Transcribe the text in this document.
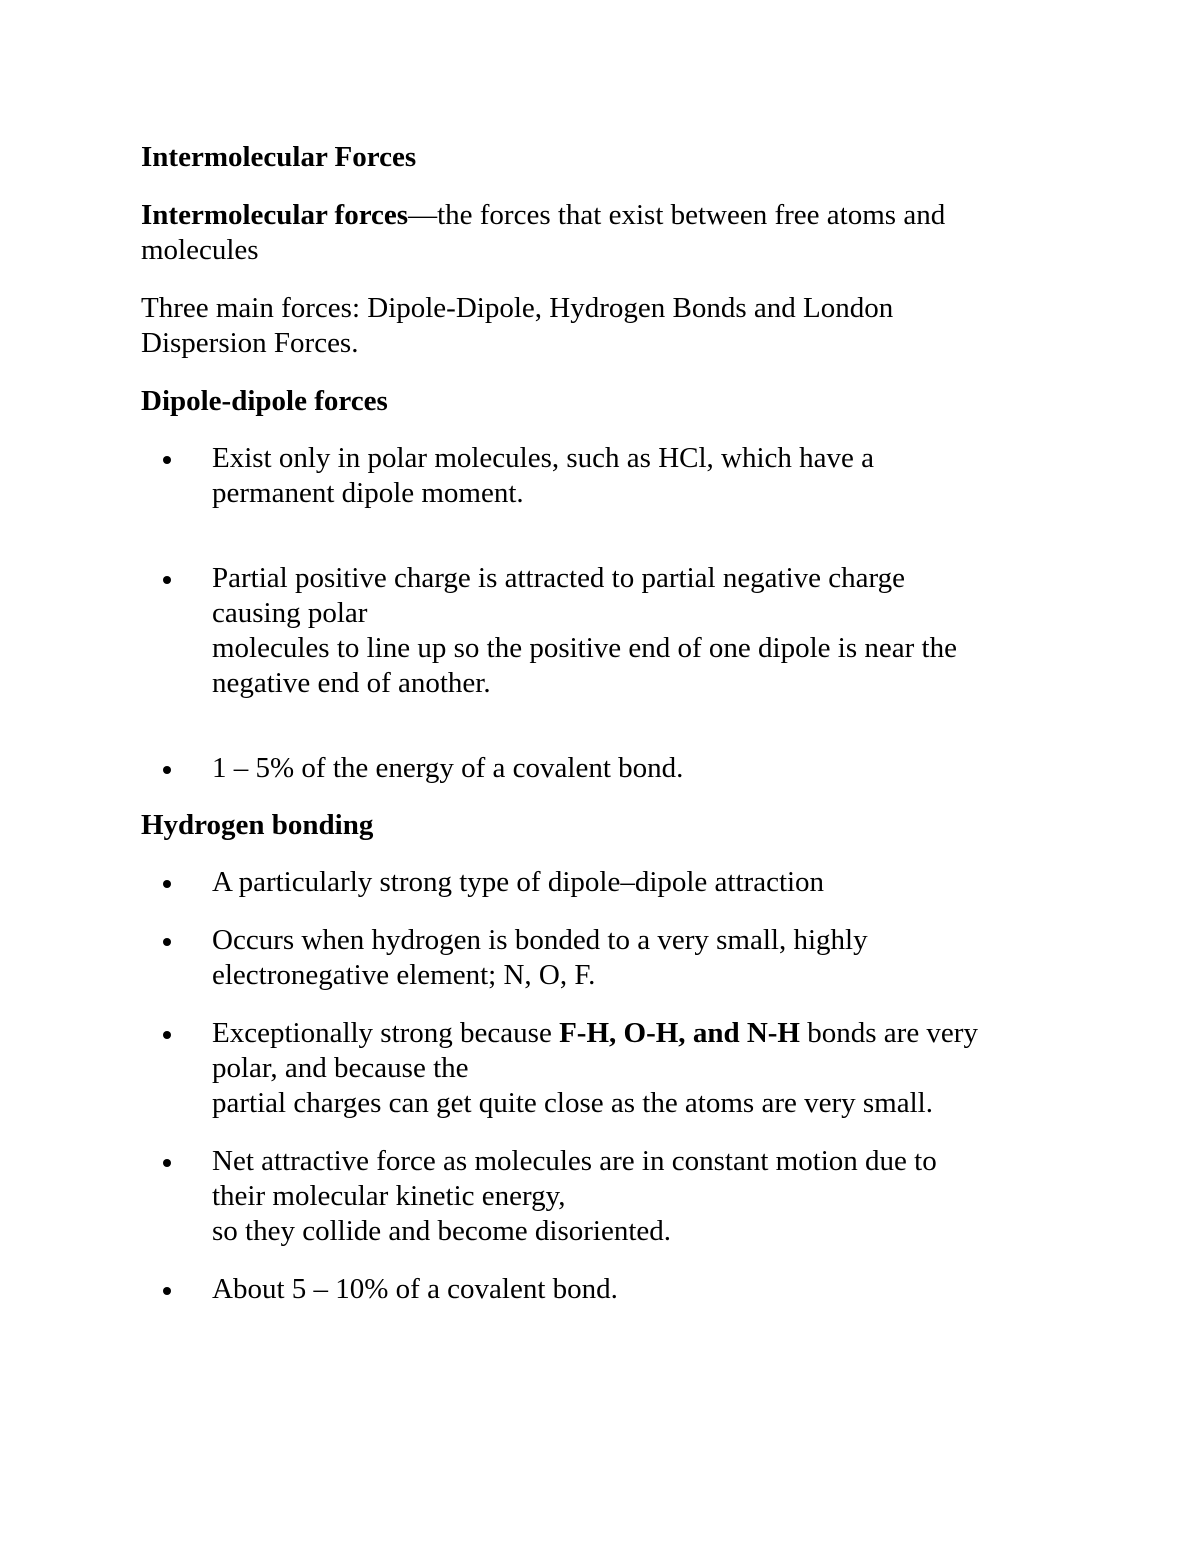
Intermolecular Forces

Intermolecular forces—the forces that exist between free atoms and molecules

Three main forces: Dipole-Dipole, Hydrogen Bonds and London
Dispersion Forces.

Dipole-dipole forces

Exist only in polar molecules, such as HCl, which have a
permanent dipole moment.
Partial positive charge is attracted to partial negative charge
causing polar
molecules to line up so the positive end of one dipole is near the
negative end of another.
1 – 5% of the energy of a covalent bond.

Hydrogen bonding

A particularly strong type of dipole–dipole attraction
Occurs when hydrogen is bonded to a very small, highly
electronegative element; N, O, F.
Exceptionally strong because F-H, O-H, and N-H bonds are very
polar, and because the
partial charges can get quite close as the atoms are very small.
Net attractive force as molecules are in constant motion due to
their molecular kinetic energy,
so they collide and become disoriented.
About 5 – 10% of a covalent bond.
